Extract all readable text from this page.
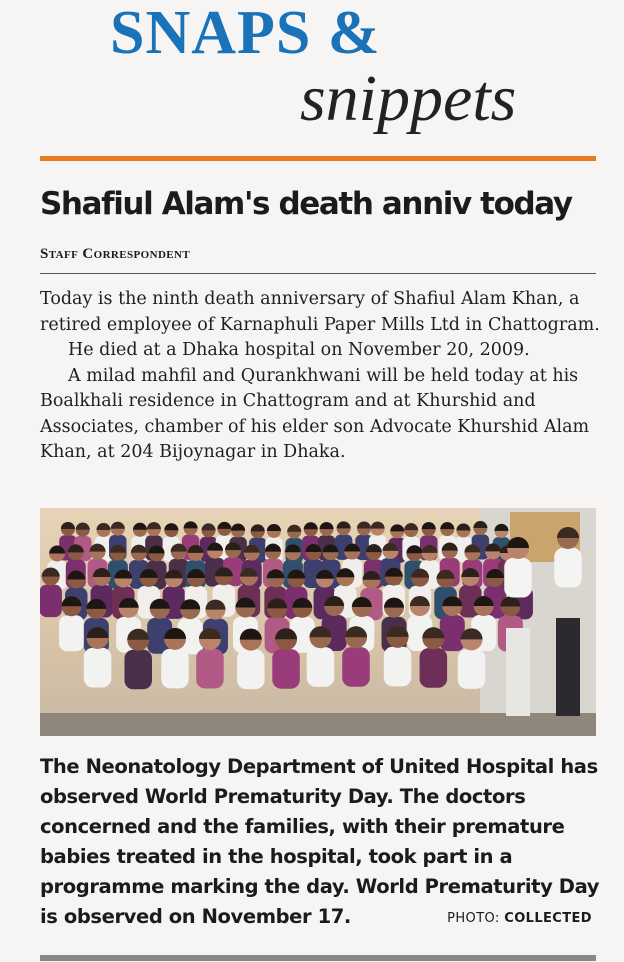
SNAPS &
snippets
Shafiul Alam's death anniv today
Staff Correspondent

Today is the ninth death anniversary of Shafiul Alam Khan, a retired employee of Karnaphuli Paper Mills Ltd in Chattogram.

He died at a Dhaka hospital on November 20, 2009.

A milad mahfil and Qurankhwani will be held today at his Boalkhali residence in Chattogram and at Khurshid and Associates, chamber of his elder son Advocate Khurshid Alam Khan, at 204 Bijoynagar in Dhaka.

The Neonatology Department of United Hospital has observed World Prematurity Day. The doctors concerned and the families, with their premature babies treated in the hospital, took part in a programme marking the day. World Prematurity Day is observed on November 17.	PHOTO: COLLECTED
